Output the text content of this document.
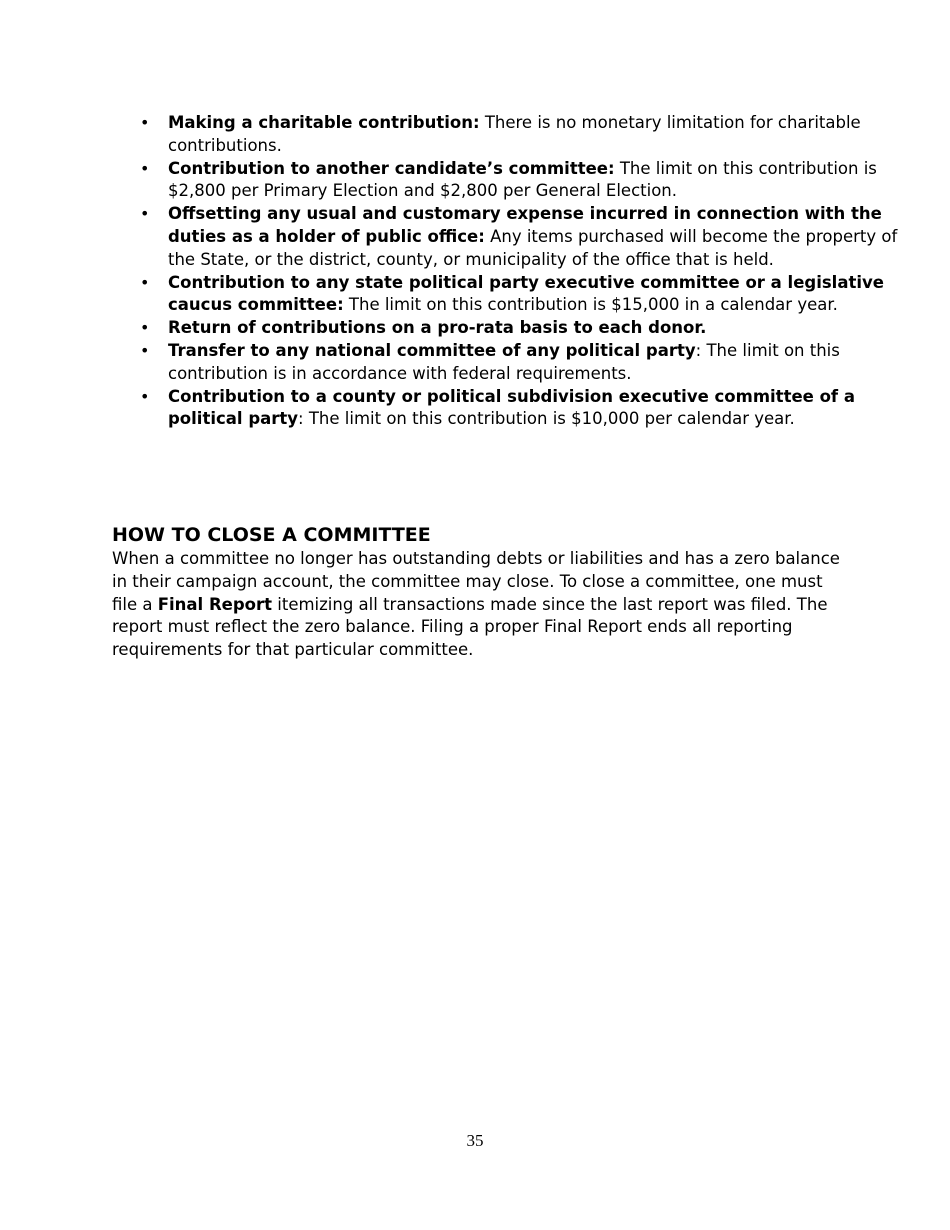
• Making a charitable contribution: There is no monetary limitation for charitable contributions.
• Contribution to another candidate’s committee: The limit on this contribution is $2,800 per Primary Election and $2,800 per General Election.
• Offsetting any usual and customary expense incurred in connection with the duties as a holder of public office: Any items purchased will become the property of the State, or the district, county, or municipality of the office that is held.
• Contribution to any state political party executive committee or a legislative caucus committee: The limit on this contribution is $15,000 in a calendar year.
• Return of contributions on a pro-rata basis to each donor.
• Transfer to any national committee of any political party: The limit on this contribution is in accordance with federal requirements.
• Contribution to a county or political subdivision executive committee of a political party: The limit on this contribution is $10,000 per calendar year.
HOW TO CLOSE A COMMITTEE

When a committee no longer has outstanding debts or liabilities and has a zero balance in their campaign account, the committee may close. To close a committee, one must file a Final Report itemizing all transactions made since the last report was filed. The report must reflect the zero balance. Filing a proper Final Report ends all reporting requirements for that particular committee.

35
